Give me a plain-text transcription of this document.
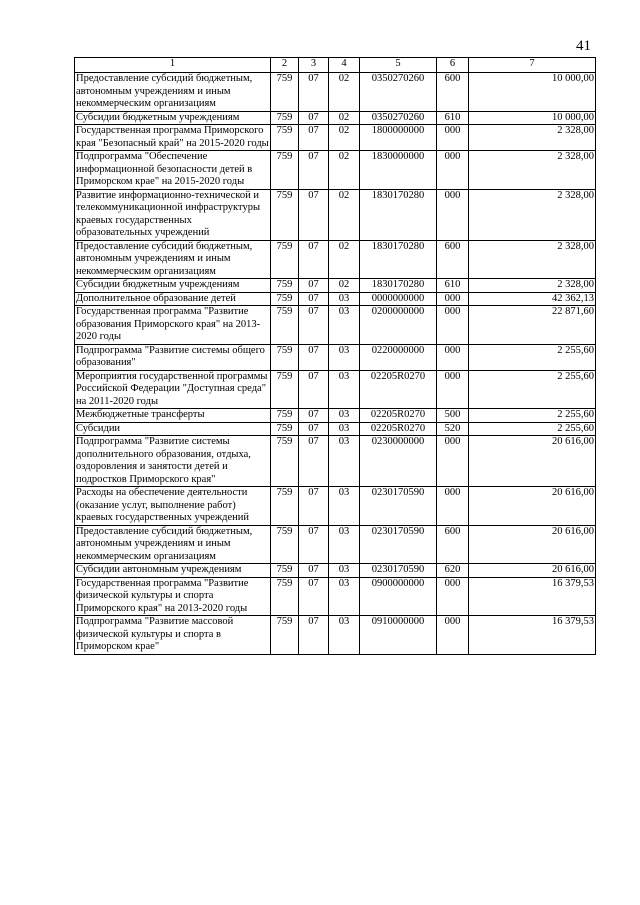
41
1	2	3	4	5	6	7
Предоставление субсидий бюджетным, автономным учреждениям и иным некоммерческим организациям	759	07	02	0350270260	600	10 000,00
Субсидии бюджетным учреждениям	759	07	02	0350270260	610	10 000,00
Государственная программа Приморского края "Безопасный край" на 2015-2020 годы	759	07	02	1800000000	000	2 328,00
Подпрограмма "Обеспечение информационной безопасности детей в Приморском крае" на 2015-2020 годы	759	07	02	1830000000	000	2 328,00
Развитие информационно-технической и телекоммуникационной инфраструктуры краевых государственных образовательных учреждений	759	07	02	1830170280	000	2 328,00
Предоставление субсидий бюджетным, автономным учреждениям и иным некоммерческим организациям	759	07	02	1830170280	600	2 328,00
Субсидии бюджетным учреждениям	759	07	02	1830170280	610	2 328,00
Дополнительное образование детей	759	07	03	0000000000	000	42 362,13
Государственная программа "Развитие образования Приморского края" на 2013-2020 годы	759	07	03	0200000000	000	22 871,60
Подпрограмма "Развитие системы общего образования"	759	07	03	0220000000	000	2 255,60
Мероприятия государственной программы Российской Федерации "Доступная среда" на 2011-2020 годы	759	07	03	02205R0270	000	2 255,60
Межбюджетные трансферты	759	07	03	02205R0270	500	2 255,60
Субсидии	759	07	03	02205R0270	520	2 255,60
Подпрограмма "Развитие системы дополнительного образования, отдыха, оздоровления и занятости детей и подростков Приморского края"	759	07	03	0230000000	000	20 616,00
Расходы на обеспечение деятельности (оказание услуг, выполнение работ) краевых государственных учреждений	759	07	03	0230170590	000	20 616,00
Предоставление субсидий бюджетным, автономным учреждениям и иным некоммерческим организациям	759	07	03	0230170590	600	20 616,00
Субсидии автономным учреждениям	759	07	03	0230170590	620	20 616,00
Государственная программа "Развитие физической культуры и спорта Приморского края" на 2013-2020 годы	759	07	03	0900000000	000	16 379,53
Подпрограмма "Развитие массовой физической культуры и спорта в Приморском крае"	759	07	03	0910000000	000	16 379,53
